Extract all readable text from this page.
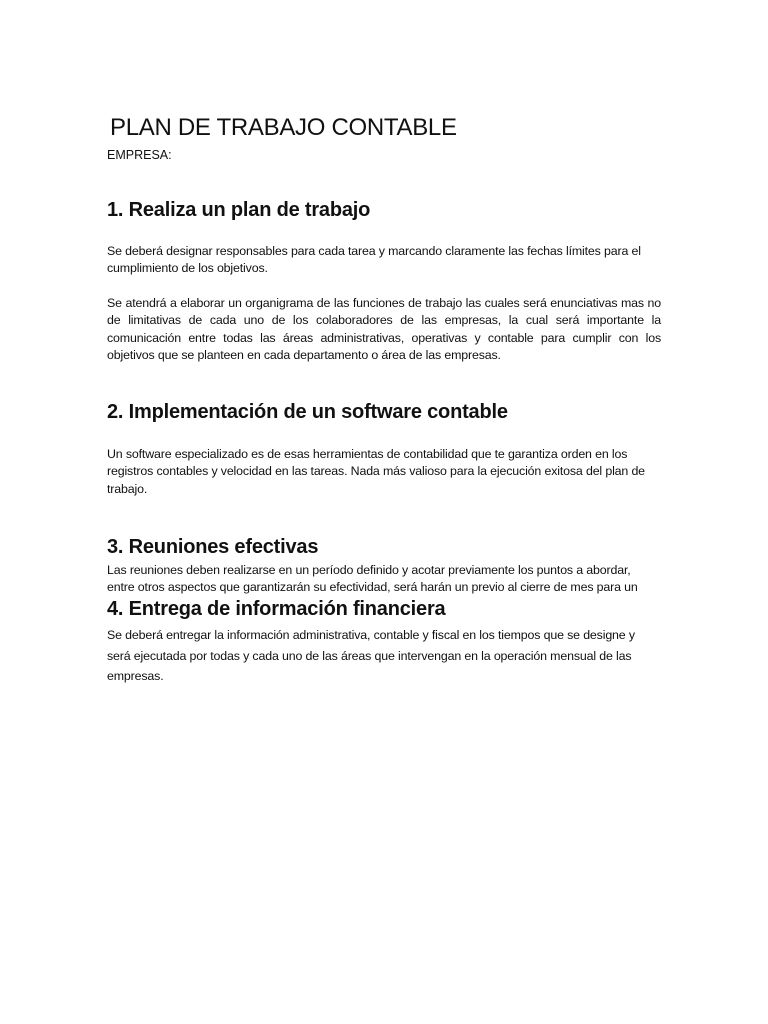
PLAN DE TRABAJO CONTABLE

EMPRESA:

1. Realiza un plan de trabajo

Se deberá designar responsables para cada tarea y marcando claramente las fechas límites para el cumplimiento de los objetivos.

Se atendrá a elaborar un organigrama de las funciones de trabajo las cuales será enunciativas mas no de limitativas de cada uno de los colaboradores de las empresas, la cual será importante la comunicación entre todas las áreas administrativas, operativas y contable para cumplir con los objetivos que se planteen en cada departamento o área de las empresas.

2. Implementación de un software contable

Un software especializado es de esas herramientas de contabilidad que te garantiza orden en los registros contables y velocidad en las tareas. Nada más valioso para la ejecución exitosa del plan de trabajo.

3. Reuniones efectivas

Las reuniones deben realizarse en un período definido y acotar previamente los puntos a abordar, entre otros aspectos que garantizarán su efectividad, será harán un previo al cierre de mes para un

4. Entrega de información financiera

Se deberá entregar la información administrativa, contable y fiscal en los tiempos que se designe y será ejecutada por todas y cada uno de las áreas que intervengan en la operación mensual de las empresas.
